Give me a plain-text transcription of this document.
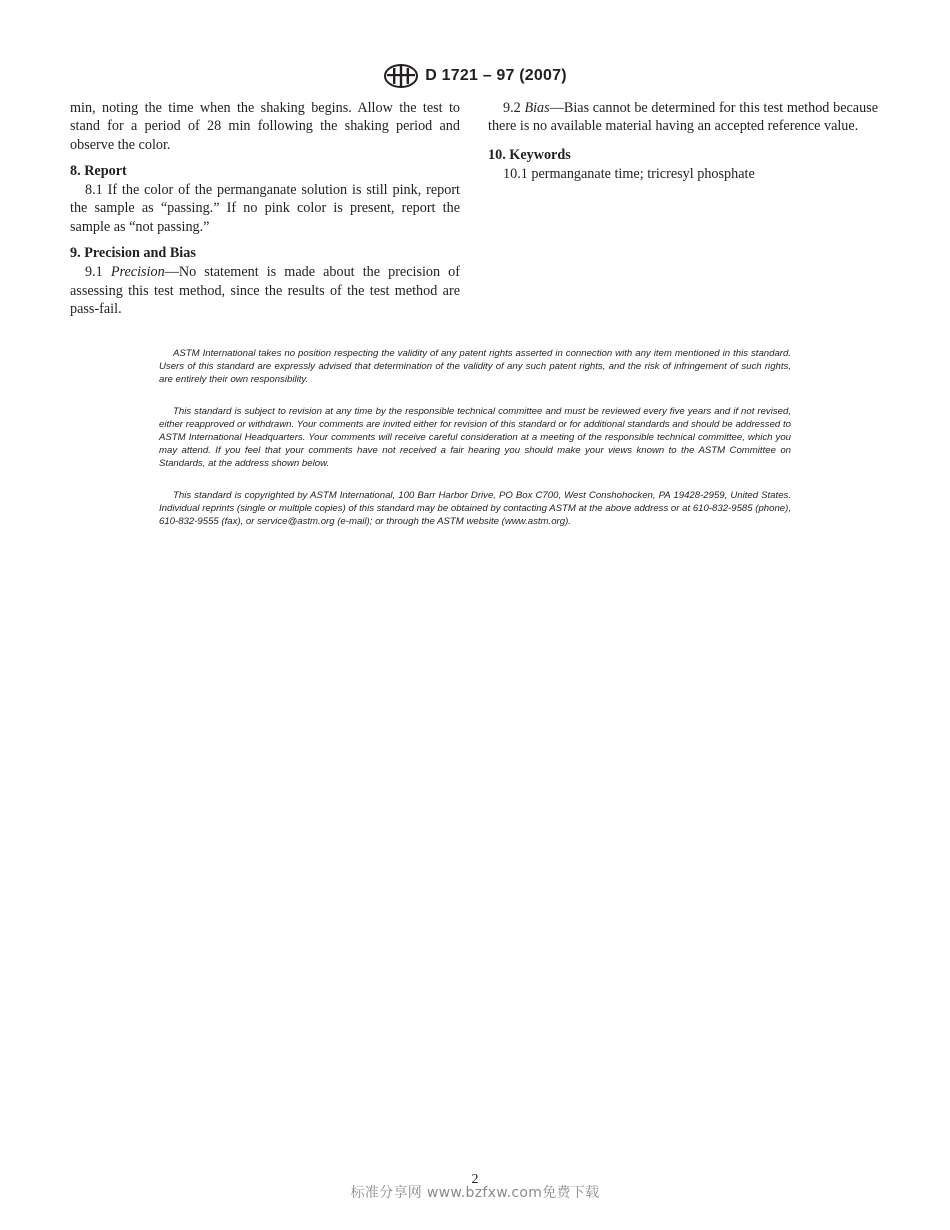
D 1721 – 97 (2007)

min, noting the time when the shaking begins. Allow the test to stand for a period of 28 min following the shaking period and observe the color.

8. Report

8.1 If the color of the permanganate solution is still pink, report the sample as “passing.” If no pink color is present, report the sample as “not passing.”

9. Precision and Bias

9.1 Precision—No statement is made about the precision of assessing this test method, since the results of the test method are pass-fail.

9.2 Bias—Bias cannot be determined for this test method because there is no available material having an accepted reference value.

10. Keywords

10.1 permanganate time; tricresyl phosphate

ASTM International takes no position respecting the validity of any patent rights asserted in connection with any item mentioned in this standard. Users of this standard are expressly advised that determination of the validity of any such patent rights, and the risk of infringement of such rights, are entirely their own responsibility.

This standard is subject to revision at any time by the responsible technical committee and must be reviewed every five years and if not revised, either reapproved or withdrawn. Your comments are invited either for revision of this standard or for additional standards and should be addressed to ASTM International Headquarters. Your comments will receive careful consideration at a meeting of the responsible technical committee, which you may attend. If you feel that your comments have not received a fair hearing you should make your views known to the ASTM Committee on Standards, at the address shown below.

This standard is copyrighted by ASTM International, 100 Barr Harbor Drive, PO Box C700, West Conshohocken, PA 19428-2959, United States. Individual reprints (single or multiple copies) of this standard may be obtained by contacting ASTM at the above address or at 610-832-9585 (phone), 610-832-9555 (fax), or service@astm.org (e-mail); or through the ASTM website (www.astm.org).

2
标准分享网 www.bzfxw.com免费下载
